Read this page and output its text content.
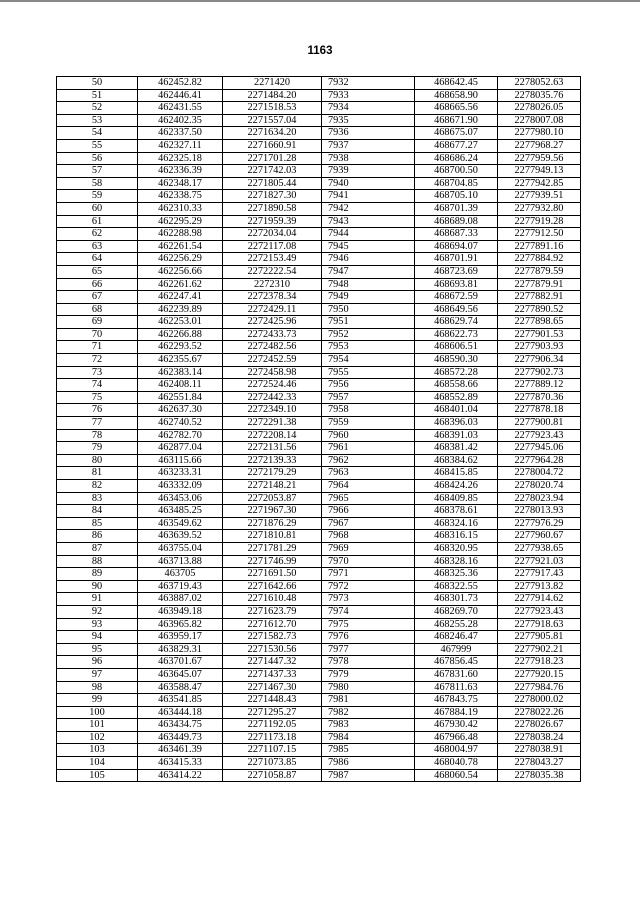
1163
50	462452.82	2271420	7932	468642.45	2278052.63
51	462446.41	2271484.20	7933	468658.90	2278035.76
52	462431.55	2271518.53	7934	468665.56	2278026.05
53	462402.35	2271557.04	7935	468671.90	2278007.08
54	462337.50	2271634.20	7936	468675.07	2277980.10
55	462327.11	2271660.91	7937	468677.27	2277968.27
56	462325.18	2271701.28	7938	468686.24	2277959.56
57	462336.39	2271742.03	7939	468700.50	2277949.13
58	462348.17	2271805.44	7940	468704.85	2277942.85
59	462338.75	2271827.30	7941	468705.10	2277939.51
60	462310.33	2271890.58	7942	468701.39	2277932.80
61	462295.29	2271959.39	7943	468689.08	2277919.28
62	462288.98	2272034.04	7944	468687.33	2277912.50
63	462261.54	2272117.08	7945	468694.07	2277891.16
64	462256.29	2272153.49	7946	468701.91	2277884.92
65	462256.66	2272222.54	7947	468723.69	2277879.59
66	462261.62	2272310	7948	468693.81	2277879.91
67	462247.41	2272378.34	7949	468672.59	2277882.91
68	462239.89	2272429.11	7950	468649.56	2277890.52
69	462253.01	2272425.96	7951	468629.74	2277898.65
70	462266.88	2272433.73	7952	468622.73	2277901.53
71	462293.52	2272482.56	7953	468606.51	2277903.93
72	462355.67	2272452.59	7954	468590.30	2277906.34
73	462383.14	2272458.98	7955	468572.28	2277902.73
74	462408.11	2272524.46	7956	468558.66	2277889.12
75	462551.84	2272442.33	7957	468552.89	2277870.36
76	462637.30	2272349.10	7958	468401.04	2277878.18
77	462740.52	2272291.38	7959	468396.03	2277900.81
78	462782.70	2272208.14	7960	468391.03	2277923.43
79	462877.04	2272131.56	7961	468381.42	2277945.06
80	463115.66	2272139.33	7962	468384.62	2277964.28
81	463233.31	2272179.29	7963	468415.85	2278004.72
82	463332.09	2272148.21	7964	468424.26	2278020.74
83	463453.06	2272053.87	7965	468409.85	2278023.94
84	463485.25	2271967.30	7966	468378.61	2278013.93
85	463549.62	2271876.29	7967	468324.16	2277976.29
86	463639.52	2271810.81	7968	468316.15	2277960.67
87	463755.04	2271781.29	7969	468320.95	2277938.65
88	463713.88	2271746.99	7970	468328.16	2277921.03
89	463705	2271691.50	7971	468325.36	2277917.43
90	463719.43	2271642.66	7972	468322.55	2277913.82
91	463887.02	2271610.48	7973	468301.73	2277914.62
92	463949.18	2271623.79	7974	468269.70	2277923.43
93	463965.82	2271612.70	7975	468255.28	2277918.63
94	463959.17	2271582.73	7976	468246.47	2277905.81
95	463829.31	2271530.56	7977	467999	2277902.21
96	463701.67	2271447.32	7978	467856.45	2277918.23
97	463645.07	2271437.33	7979	467831.60	2277920.15
98	463588.47	2271467.30	7980	467811.63	2277984.76
99	463541.85	2271448.43	7981	467843.75	2278000.02
100	463444.18	2271295.27	7982	467884.19	2278022.26
101	463434.75	2271192.05	7983	467930.42	2278026.67
102	463449.73	2271173.18	7984	467966.48	2278038.24
103	463461.39	2271107.15	7985	468004.97	2278038.91
104	463415.33	2271073.85	7986	468040.78	2278043.27
105	463414.22	2271058.87	7987	468060.54	2278035.38
